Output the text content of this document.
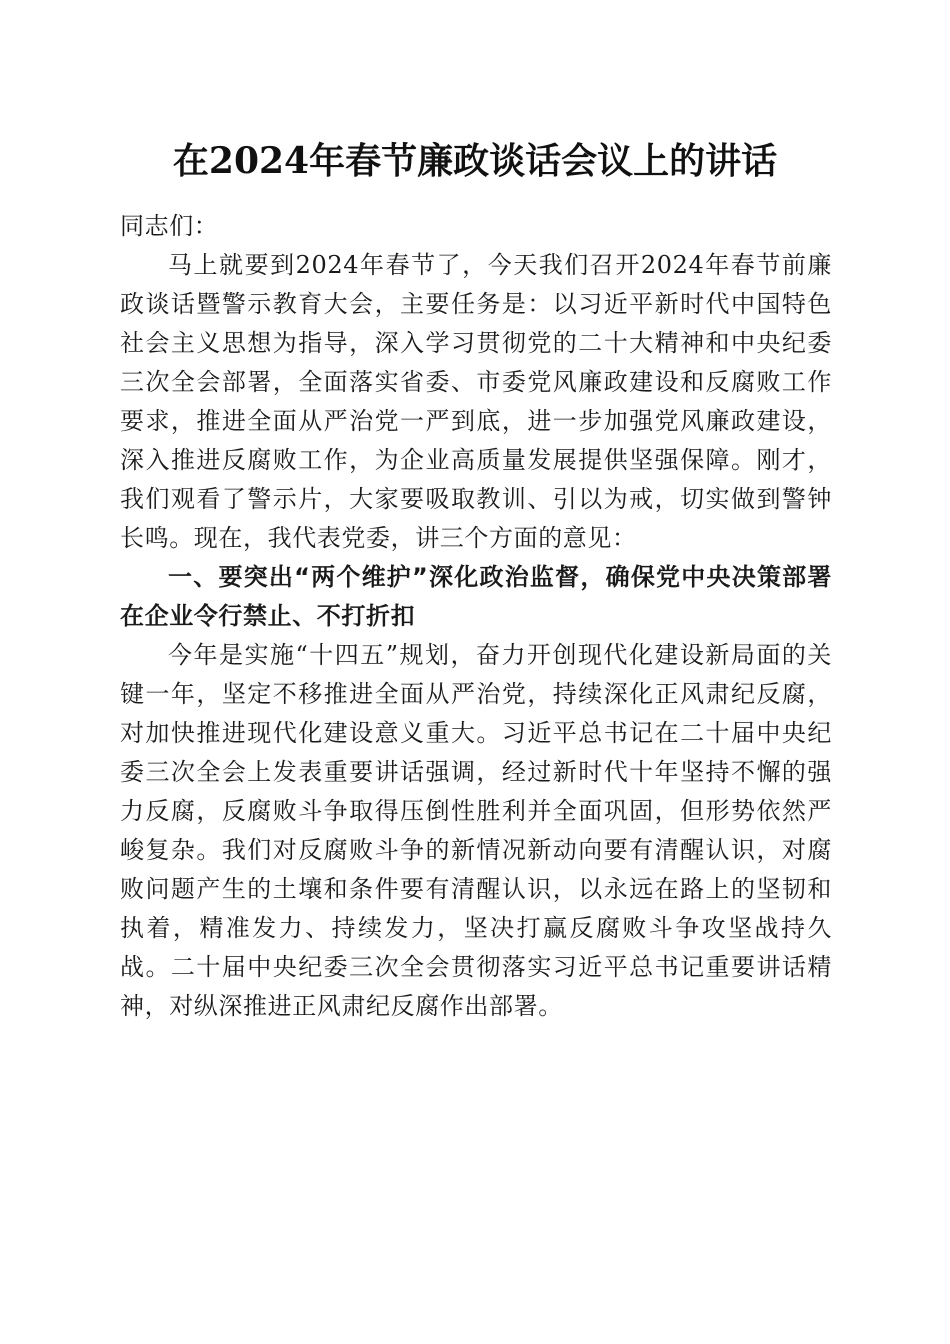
在2024年春节廉政谈话会议上的讲话

同志们：

马上就要到2024年春节了，今天我们召开2024年春节前廉政谈话暨警示教育大会，主要任务是：以习近平新时代中国特色社会主义思想为指导，深入学习贯彻党的二十大精神和中央纪委三次全会部署，全面落实省委、市委党风廉政建设和反腐败工作要求，推进全面从严治党一严到底，进一步加强党风廉政建设，深入推进反腐败工作，为企业高质量发展提供坚强保障。刚才，我们观看了警示片，大家要吸取教训、引以为戒，切实做到警钟长鸣。现在，我代表党委，讲三个方面的意见：

一、要突出“两个维护”深化政治监督，确保党中央决策部署在企业令行禁止、不打折扣

今年是实施“十四五”规划，奋力开创现代化建设新局面的关键一年，坚定不移推进全面从严治党，持续深化正风肃纪反腐，对加快推进现代化建设意义重大。习近平总书记在二十届中央纪委三次全会上发表重要讲话强调，经过新时代十年坚持不懈的强力反腐，反腐败斗争取得压倒性胜利并全面巩固，但形势依然严峻复杂。我们对反腐败斗争的新情况新动向要有清醒认识，对腐败问题产生的土壤和条件要有清醒认识，以永远在路上的坚韧和执着，精准发力、持续发力，坚决打赢反腐败斗争攻坚战持久战。二十届中央纪委三次全会贯彻落实习近平总书记重要讲话精神，对纵深推进正风肃纪反腐作出部署。
